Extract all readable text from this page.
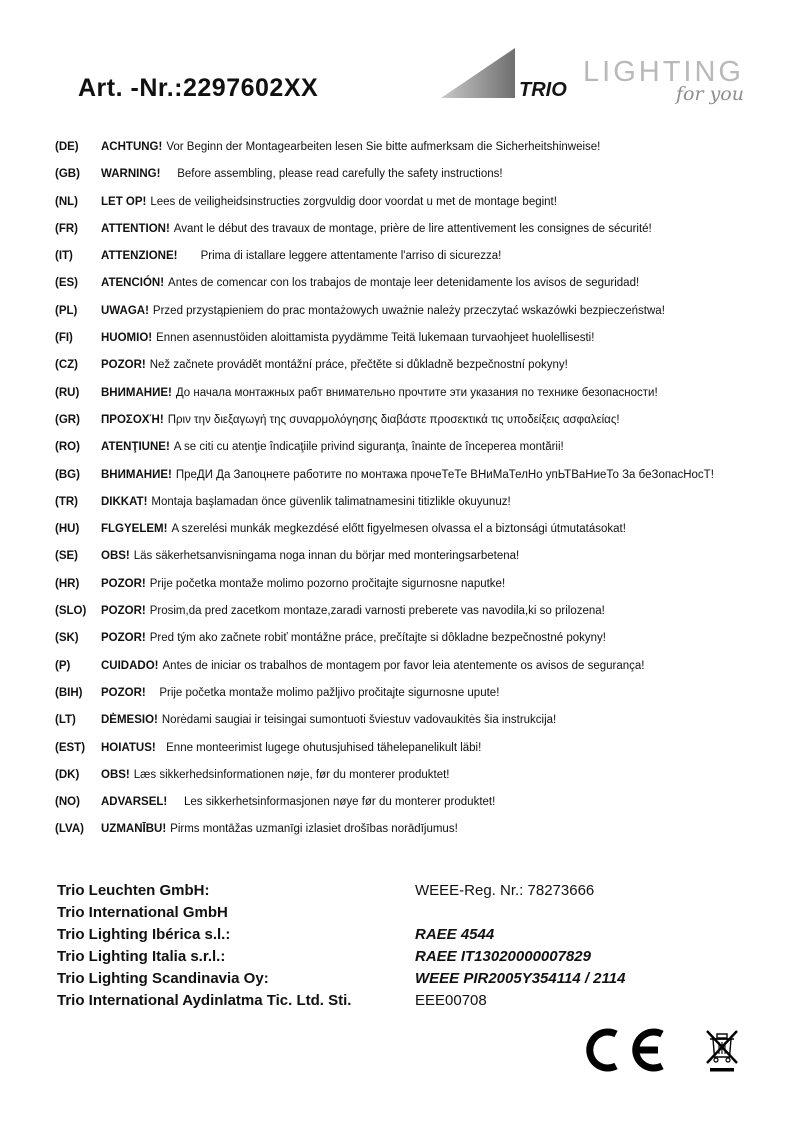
Art. -Nr.:2297602XX	TRIO
LIGHTING
for you
(DE)	ACHTUNG! Vor Beginn der Montagearbeiten lesen Sie bitte aufmerksam die Sicherheitshinweise!

(GB)	WARNING!    Before assembling, please read carefully the safety instructions!

(NL)	LET OP! Lees de veiligheidsinstructies zorgvuldig door voordat u met de montage begint!

(FR)	ATTENTION! Avant le début des travaux de montage, prière de lire attentivement les consignes de sécurité!

(IT)	ATTENZIONE!      Prima di istallare leggere attentamente l'arriso di sicurezza!

(ES)	ATENCIÓN! Antes de comencar con los trabajos de montaje leer detenidamente los avisos de seguridad!

(PL)	UWAGA! Przed przystąpieniem do prac montażowych uważnie należy przeczytać wskazówki bezpieczeństwa!

(FI)	HUOMIO! Ennen asennustöiden aloittamista pyydämme Teitä lukemaan turvaohjeet huolellisesti!

(CZ)	POZOR! Než začnete provádět montážní práce, přečtěte si důkladně bezpečnostní pokyny!

(RU)	ВНИМАНИЕ! До начала монтажных рабт внимательно прочтите эти указания по технике безопасности!

(GR)	ΠΡΟΣΟΧΉ! Πριν την διεξαγωγή της συναρμολόγησης διαβάστε προσεκτικά τις υποδείξεις ασφαλείας!

(RO)	ATENŢIUNE! A se citi cu atenţie îndicaţiile privind siguranţa, înainte de începerea montării!

(BG)	ВНИМАНИЕ! ПреДИ Да Запоцнете работите по монтажа прочеТеТе ВНиМаТелНо упЬТВаНиеТо За беЗопасНосТ!

(TR)	DIKKAT! Montaja başlamadan önce güvenlik talimatnamesini titizlikle okuyunuz!

(HU)	FLGYELEM! A szerelési munkák megkezdésé előtt figyelmesen olvassa el a biztonsági útmutatásokat!

(SE)	OBS! Läs säkerhetsanvisningama noga innan du börjar med monteringsarbetena!

(HR)	POZOR! Prije početka montaže molimo pozorno pročitajte sigurnosne naputke!

(SLO)	POZOR! Prosim,da pred zacetkom montaze,zaradi varnosti preberete vas navodila,ki so prilozena!

(SK)	POZOR! Pred tým ako začnete robiť montážne práce, prečítajte si dôkladne bezpečnostné pokyny!

(P)	CUIDADO! Antes de iniciar os trabalhos de montagem por favor leia atentemente os avisos de segurança!

(BIH)	POZOR!   Prije početka montaže molimo pažljivo pročitajte sigurnosne upute!

(LT)	DĖMESIO! Norėdami saugiai ir teisingai sumontuoti šviestuv vadovaukitės šia instrukcija!

(EST)	HOIATUS!  Enne monteerimist lugege ohutusjuhised tähelepanelikult läbi!

(DK)	OBS! Læs sikkerhedsinformationen nøje, før du monterer produktet!

(NO)	ADVARSEL!    Les sikkerhetsinformasjonen nøye før du monterer produktet!

(LVA)	UZMANĪBU! Pirms montāžas uzmanīgi izlasiet drošības norādījumus!

Trio Leuchten GmbH:	WEEE-Reg. Nr.: 78273666
Trio International GmbH
Trio Lighting Ibérica s.l.:	RAEE 4544
Trio Lighting Italia s.r.l.:	RAEE IT13020000007829
Trio Lighting Scandinavia Oy:	WEEE PIR2005Y354114 / 2114
Trio International Aydinlatma Tic. Ltd. Sti.	EEE00708
